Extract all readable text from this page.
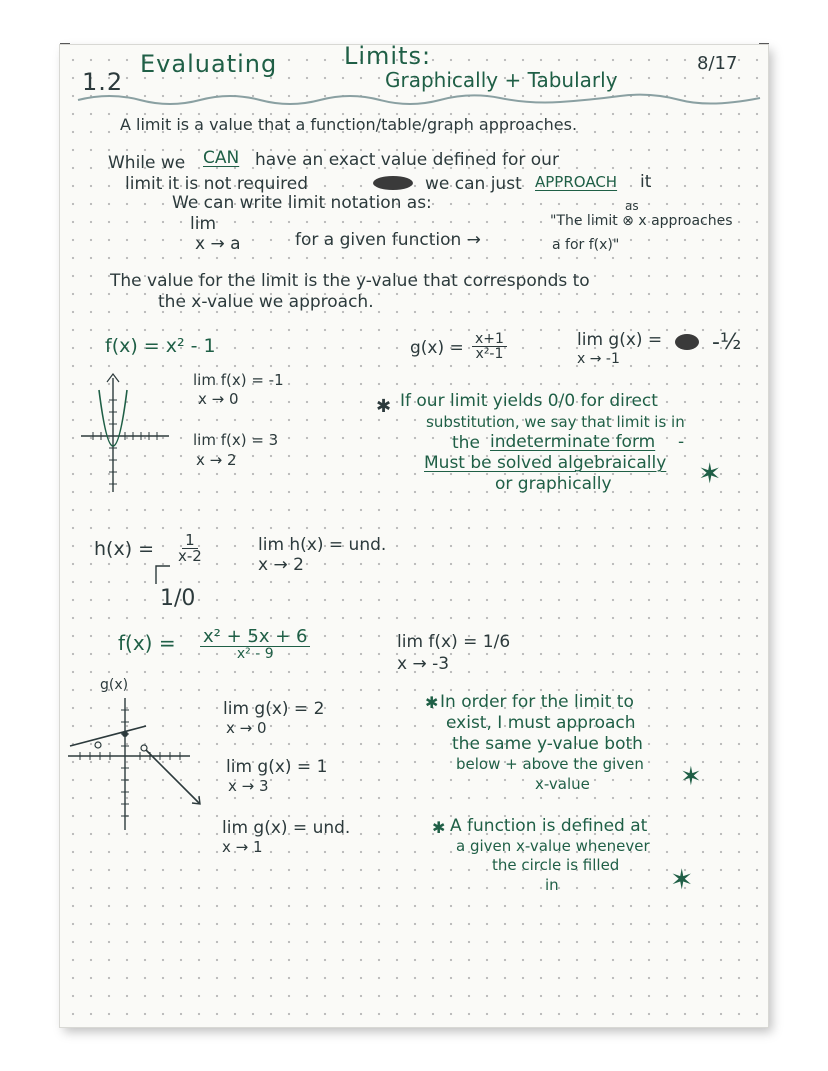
1.2
Evaluating	Limits:
Graphically + Tabularly
8/17
A limit is a value that a function/table/graph approaches.
While we CAN have an exact value defined for our
limit it is not required	we can just APPROACH it
We can write limit notation as:	as
lim
x → a	for a given function →
"The limit ⊗ x approaches
a for f(x)"
The value for the limit is the y-value that corresponds to
the x-value we approach.
f(x) = x² - 1
lim f(x) = -1
x → 0
lim f(x) = 3
x → 2
$g(x) = \frac{x+1}{\text{x²-1}}$	lim g(x) =
x → -1
-½
✱ If our limit yields 0/0 for direct
substitution, we say that limit is in
the indeterminate form -
Must be solved algebraically
or graphically	✶
$h(x) = \frac{1}{x-2}$	lim h(x) = und.
x → 2
1/0
f(x) = x² + 5x + 6
x² - 9
lim f(x) = 1/6
x → -3
g(x)
lim g(x) = 2
x → 0
lim g(x) = 1
x → 3
lim g(x) = und.
x → 1
✱ In order for the limit to
exist, I must approach
the same y-value both
below + above the given
x-value	✶
✱ A function is defined at
a given x-value whenever
the circle is filled
in	✶
